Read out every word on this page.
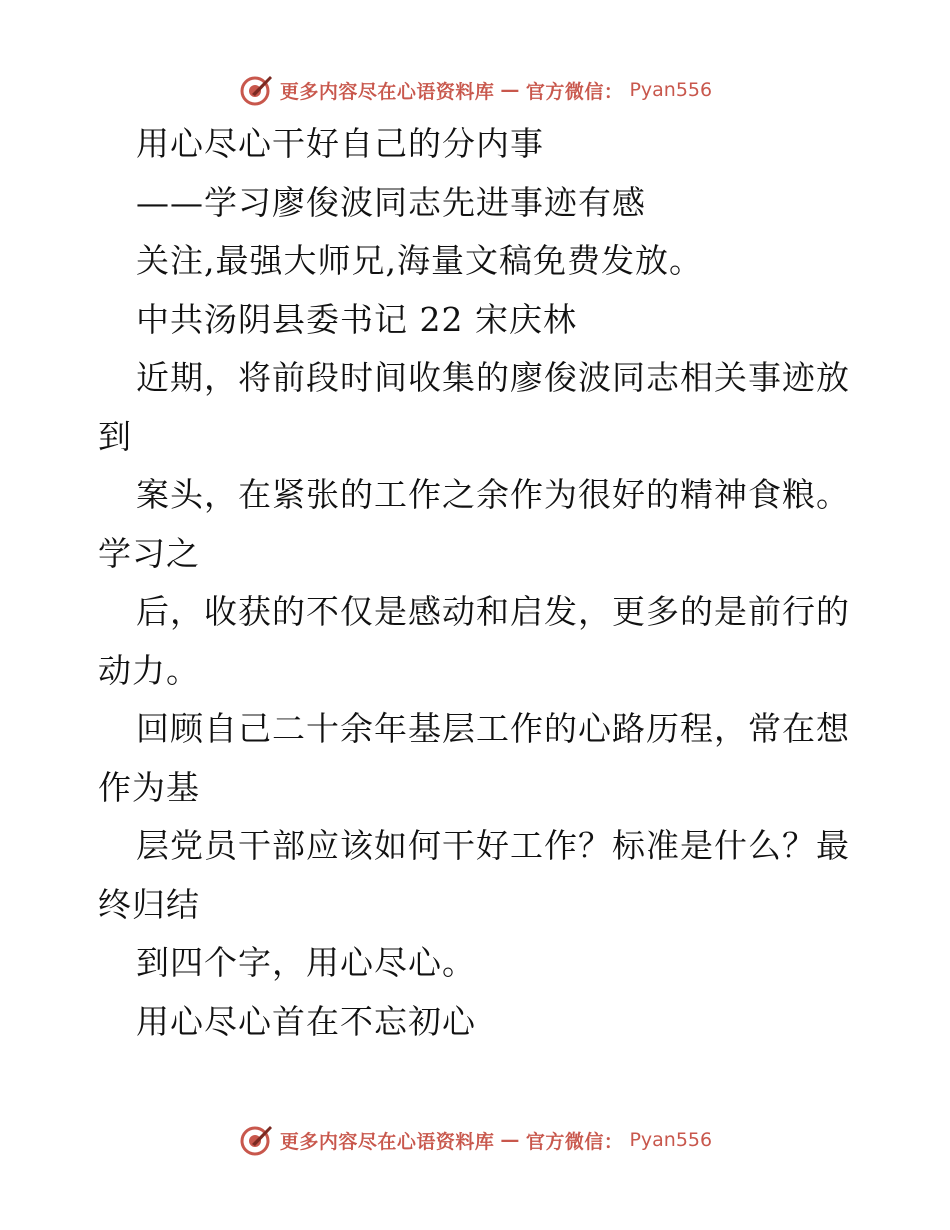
更多内容尽在心语资料库 — 官方微信： Pyan556
用心尽心干好自己的分内事
——学习廖俊波同志先进事迹有感
关注,最强大师兄,海量文稿免费发放。
中共汤阴县委书记 22 宋庆林
近期，将前段时间收集的廖俊波同志相关事迹放
到
案头，在紧张的工作之余作为很好的精神食粮。
学习之
后，收获的不仅是感动和启发，更多的是前行的
动力。
回顾自己二十余年基层工作的心路历程，常在想
作为基
层党员干部应该如何干好工作？标准是什么？最
终归结
到四个字，用心尽心。
用心尽心首在不忘初心
更多内容尽在心语资料库 — 官方微信： Pyan556
